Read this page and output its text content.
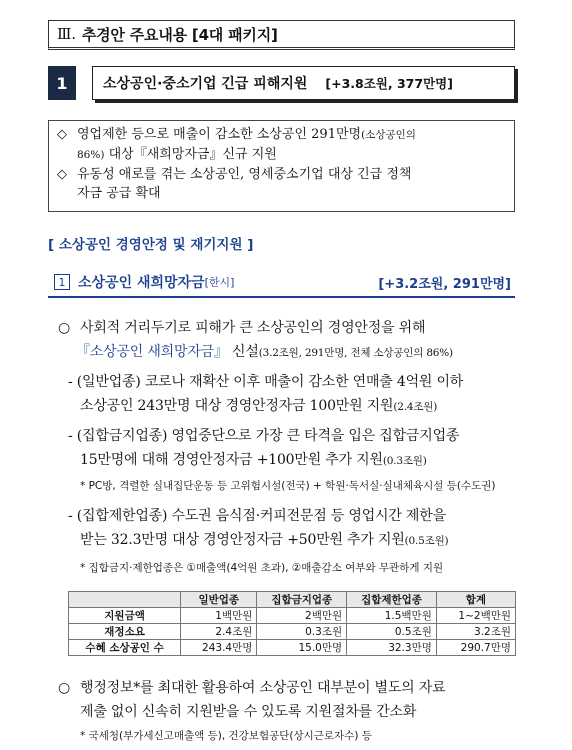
Ⅲ. 추경안 주요내용 [4대 패키지]
1	소상공인·중소기업 긴급 피해지원 [+3.8조원, 377만명]
◇ 영업제한 등으로 매출이 감소한 소상공인 291만명(소상공인의
86%) 대상『새희망자금』신규 지원
◇ 유동성 애로를 겪는 소상공인, 영세중소기업 대상 긴급 정책
자금 공급 확대
[ 소상공인 경영안정 및 재기지원 ]
1 소상공인 새희망자금 [한시]	[+3.2조원, 291만명]
○ 사회적 거리두기로 피해가 큰 소상공인의 경영안정을 위해
『소상공인 새희망자금』 신설(3.2조원, 291만명, 전체 소상공인의 86%)
- (일반업종) 코로나 재확산 이후 매출이 감소한 연매출 4억원 이하
소상공인 243만명 대상 경영안정자금 100만원 지원(2.4조원)
- (집합금지업종) 영업중단으로 가장 큰 타격을 입은 집합금지업종
15만명에 대해 경영안정자금 +100만원 추가 지원(0.3조원)
* PC방, 격렬한 실내집단운동 등 고위험시설(전국) + 학원·독서실·실내체육시설 등(수도권)
- (집합제한업종) 수도권 음식점·커피전문점 등 영업시간 제한을
받는 32.3만명 대상 경영안정자금 +50만원 추가 지원(0.5조원)
* 집합금지·제한업종은 ①매출액(4억원 초과), ②매출감소 여부와 무관하게 지원
	일반업종	집합금지업종	집합제한업종	합계
지원금액	1백만원	2백만원	1.5백만원	1~2백만원
재정소요	2.4조원	0.3조원	0.5조원	3.2조원
수혜 소상공인 수	243.4만명	15.0만명	32.3만명	290.7만명
○ 행정정보*를 최대한 활용하여 소상공인 대부분이 별도의 자료
제출 없이 신속히 지원받을 수 있도록 지원절차를 간소화
* 국세청(부가세신고매출액 등), 건강보험공단(상시근로자수) 등
